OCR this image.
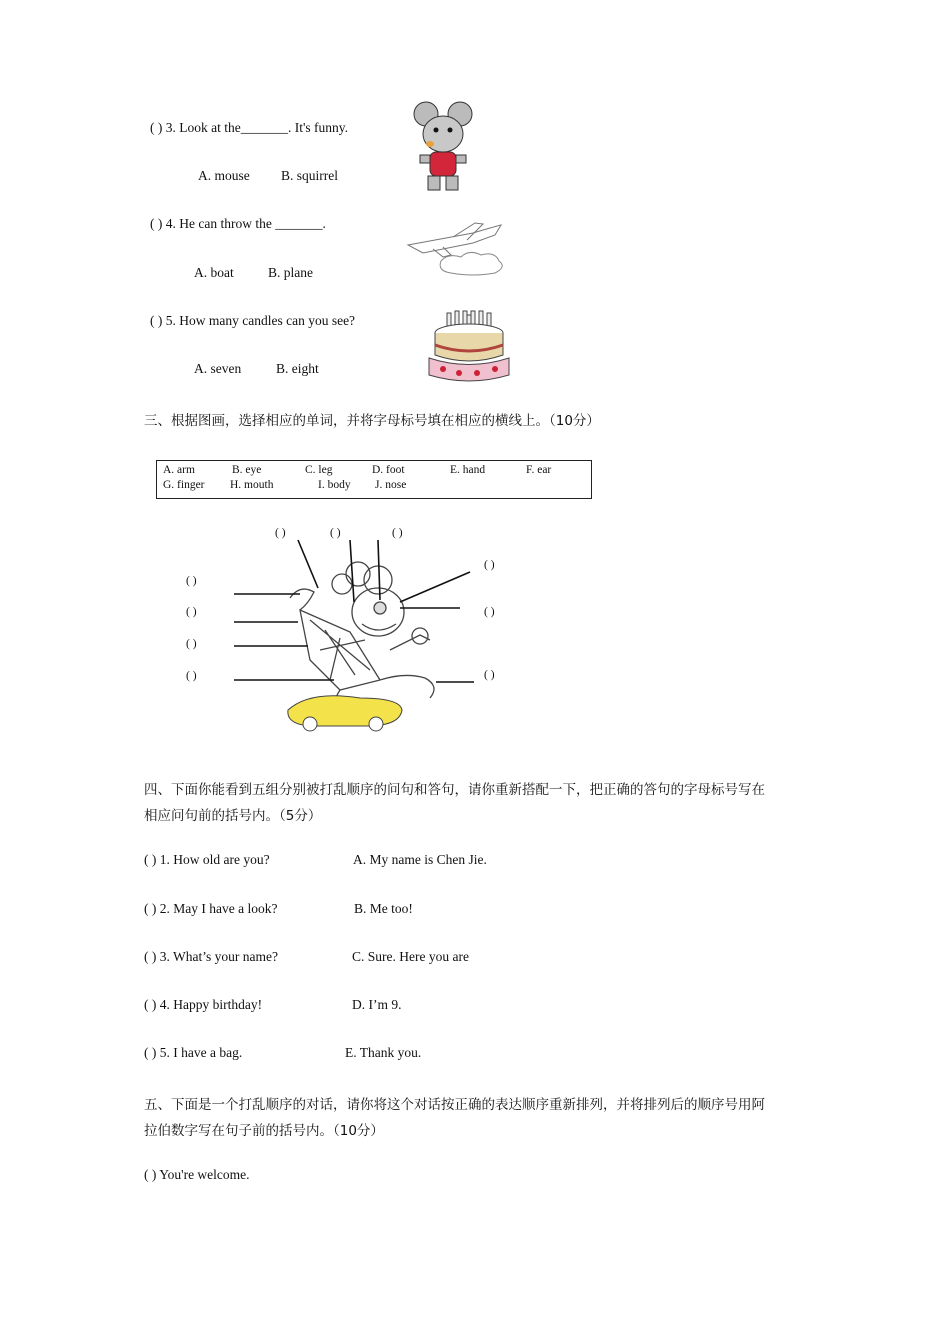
( ) 3. Look at the_______. It's funny.
A. mouse B. squirrel
( ) 4. He can throw the _______.
A. boat	B. plane
( ) 5. How many candles can you see?
A. seven	B. eight
三、根据图画，选择相应的单词，并将字母标号填在相应的横线上。（10分）
A. arm	B. eye	C. leg	D. foot	E. hand	F. ear
G. finger H. mouth	I. body J. nose
( )	( )	( )
( )
( )
( )
( )
( )
( )
( )
四、下面你能看到五组分别被打乱顺序的问句和答句，请你重新搭配一下，把正确的答句的字母标号写在
相应问句前的括号内。（5分）
( ) 1. How old are you?	A. My name is Chen Jie.
( ) 2. May I have a look?	B. Me too!
( ) 3. What’s your name?	C. Sure. Here you are
( ) 4. Happy birthday!	D. I’m 9.
( ) 5. I have a bag.	E. Thank you.
五、下面是一个打乱顺序的对话，请你将这个对话按正确的表达顺序重新排列，并将排列后的顺序号用阿
拉伯数字写在句子前的括号内。（10分）
( ) You're welcome.
